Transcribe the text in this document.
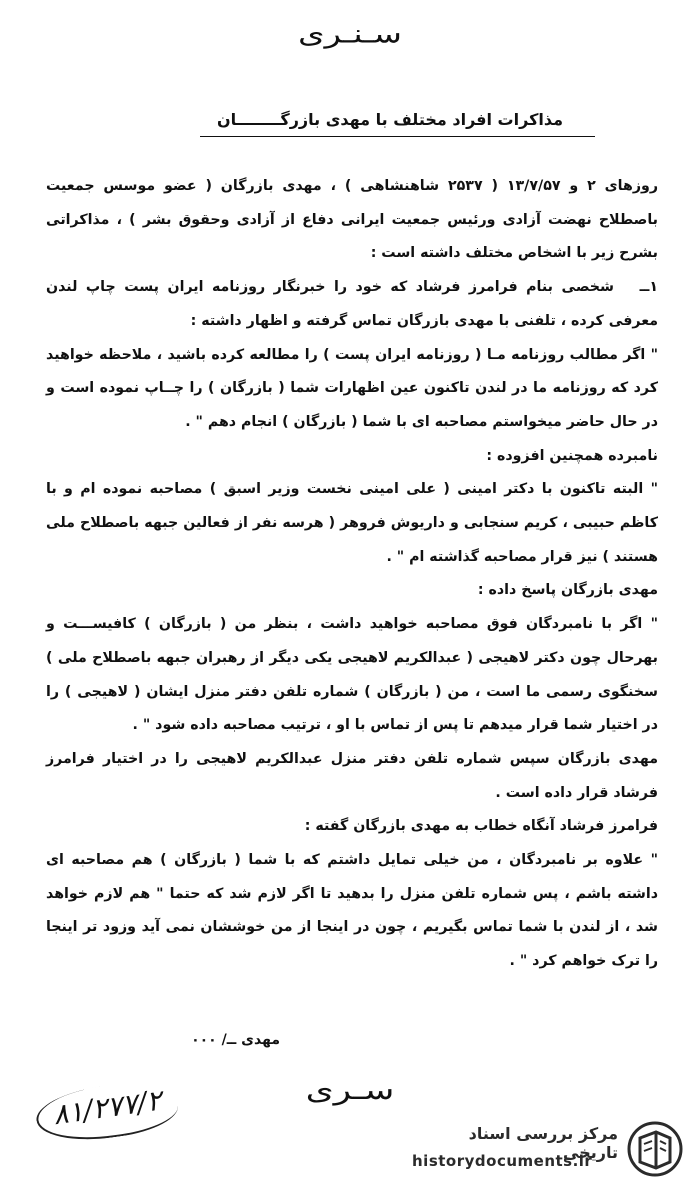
سـنـرى
مذاکرات افراد مختلف با مهدی بازرگــــــــان

روزهای ۲ و ۱۳/۷/۵۷ ( ۲۵۳۷ شاهنشاهی ) ، مهدی بازرگان ( عضو موسس جمعیت باصطلاح نهضت آزادی ورئیس جمعیت ایرانی دفاع از آزادی وحقوق بشر ) ، مذاکراتی بشرح زیر با اشخاص مختلف داشته است :

۱ــشخصی بنام فرامرز فرشاد که خود را خبرنگار روزنامه ایران پست چاپ لندن معرفی کرده ، تلفنی با مهدی بازرگان تماس گرفته و اظهار داشته :

" اگر مطالب روزنامه مـا ( روزنامه ایران پست ) را مطالعه کرده باشید ، ملاحظه خواهید کرد که روزنامه ما در لندن تاکنون عین اظهارات شما ( بازرگان ) را چــاپ نموده است و در حال حاضر میخواستم مصاحبه ای با شما ( بازرگان ) انجام دهم " .

نامبرده همچنین افزوده :

" البته تاکنون با دکتر امینی ( علی امینی نخست وزیر اسبق ) مصاحبه نموده ام و با کاظم حبیبی ، کریم سنجابی و داریوش فروهر ( هرسه نفر از فعالین جبهه باصطلاح ملی هستند ) نیز قرار مصاحبه گذاشته ام " .

مهدی بازرگان پاسخ داده :

" اگر با نامبردگان فوق مصاحبه خواهید داشت ، بنظر من ( بازرگان ) کافیســـت و بهرحال چون دکتر لاهیجی ( عبدالکریم لاهیجی یکی دیگر از رهبران جبهه باصطلاح ملی ) سخنگوی رسمی ما است ، من ( بازرگان ) شماره تلفن دفتر منزل ایشان ( لاهیجی ) را در اختیار شما قرار میدهم تا پس از تماس با او ، ترتیب مصاحبه داده شود " .

مهدی بازرگان سپس شماره تلفن دفتر منزل عبدالکریم لاهیجی را در اختیار فرامرز فرشاد قرار داده است .

فرامرز فرشاد آنگاه خطاب به مهدی بازرگان گفته :

" علاوه بر نامبردگان ، من خیلی تمایل داشتم که با شما ( بازرگان ) هم مصاحبه ای داشته باشم ، پس شماره تلفن منزل را بدهید تا اگر لازم شد که حتما " هم لازم خواهد شد ، از لندن با شما تماس بگیریم ، چون در اینجا از من خوششان نمی آید وزود تر اینجا را ترک خواهم کرد " .

مهدی ــ/ ۰۰۰
سـرى
۸۱/۲۷۷/۲
مرکز بررسی اسناد تاریخی
historydocuments.ir
